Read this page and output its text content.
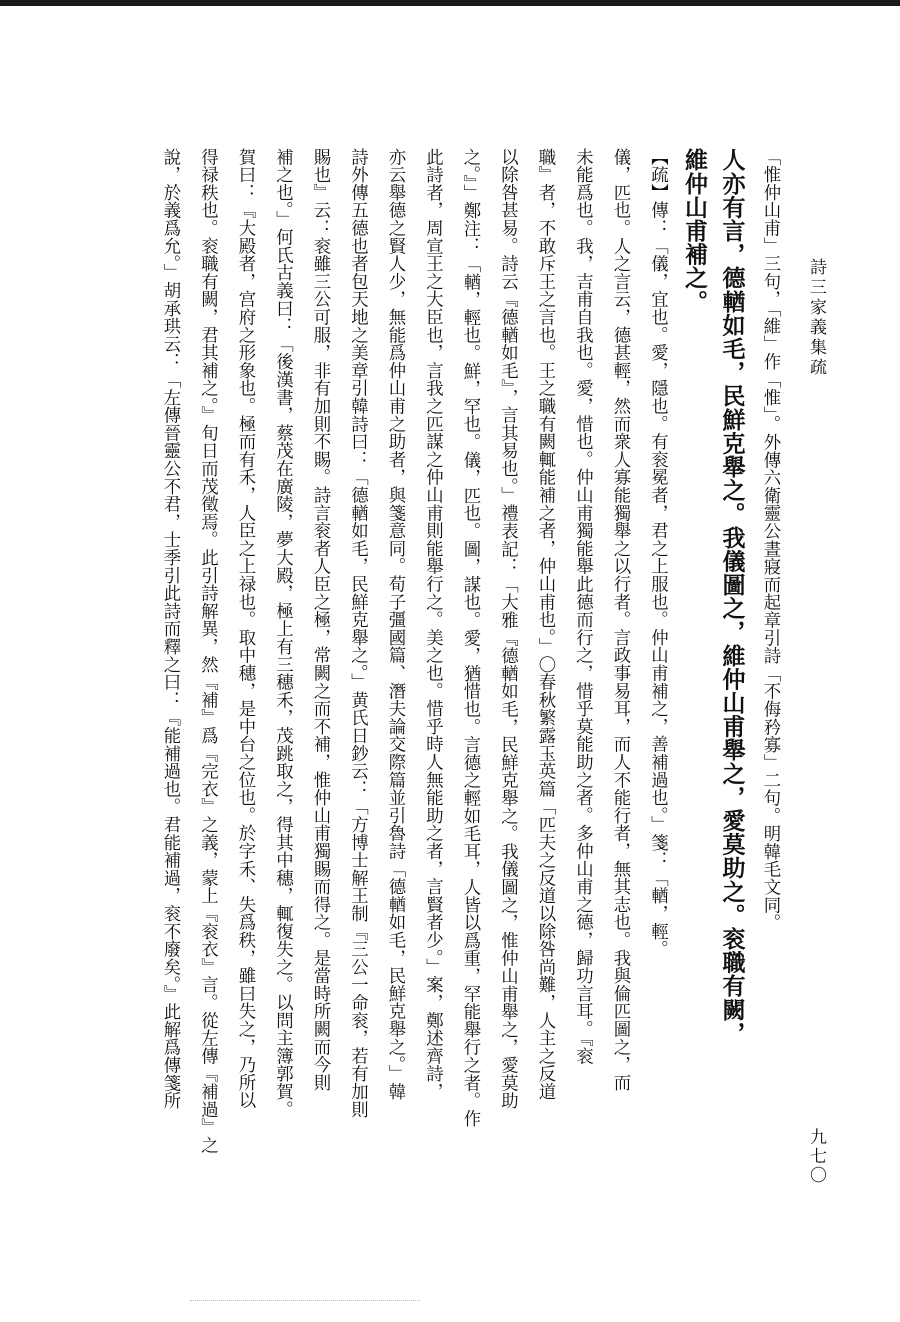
詩三家義集疏
九七〇
「惟仲山甫」三句，「維」作「惟」。外傳六衛靈公晝寢而起章引詩「不侮矜寡」二句。明韓毛文同。
人亦有言，德輶如毛，民鮮克舉之。我儀圖之，維仲山甫舉之，愛莫助之。衮職有闕，
維仲山甫補之。
【疏】傳：「儀，宜也。愛，隱也。有衮冕者，君之上服也。仲山甫補之，善補過也。」箋：「輶，輕。
儀，匹也。人之言云，德甚輕，然而衆人寡能獨舉之以行者。言政事易耳，而人不能行者，無其志也。我與倫匹圖之，而
未能爲也。我，吉甫自我也。愛，惜也。仲山甫獨能舉此德而行之，惜乎莫能助之者。多仲山甫之德，歸功言耳。『衮
職』者，不敢斥王之言也。王之職有闕輒能補之者，仲山甫也。」〇春秋繁露玉英篇「匹夫之反道以除咎尚難，人主之反道
以除咎甚易。詩云『德輶如毛』，言其易也。」禮表記：「大雅『德輶如毛，民鮮克舉之。我儀圖之，惟仲山甫舉之，愛莫助
之。』」鄭注：「輶，輕也。鮮，罕也。儀，匹也。圖，謀也。愛，猶惜也。言德之輕如毛耳，人皆以爲重，罕能舉行之者。作
此詩者，周宣王之大臣也，言我之匹謀之仲山甫則能舉行之。美之也。惜乎時人無能助之者，言賢者少。」案，鄭述齊詩，
亦云舉德之賢人少，無能爲仲山甫之助者，與箋意同。荀子彊國篇、潛夫論交際篇並引魯詩「德輶如毛，民鮮克舉之。」韓
詩外傳五德也者包天地之美章引韓詩曰：「德輶如毛，民鮮克舉之。」黄氏日鈔云：「方博士解王制『三公一命衮，若有加則
賜也』云：衮雖三公可服，非有加則不賜。詩言衮者人臣之極，常闕之而不補，惟仲山甫獨賜而得之。是當時所闕而今則
補之也。」何氏古義曰：「後漢書，蔡茂在廣陵，夢大殿，極上有三穗禾，茂跳取之，得其中穗，輒復失之。以問主簿郭賀。
賀曰：『大殿者，宫府之形象也。極而有禾，人臣之上禄也。取中穗，是中台之位也。於字禾、失爲秩，雖曰失之，乃所以
得禄秩也。衮職有闕，君其補之。』旬日而茂徵焉。此引詩解異，然『補』爲『完衣』之義，蒙上『衮衣』言。從左傳『補過』之
說，於義爲允。」胡承珙云：「左傳晉靈公不君，士季引此詩而釋之曰：『能補過也。君能補過，衮不廢矣。』此解爲傳箋所
